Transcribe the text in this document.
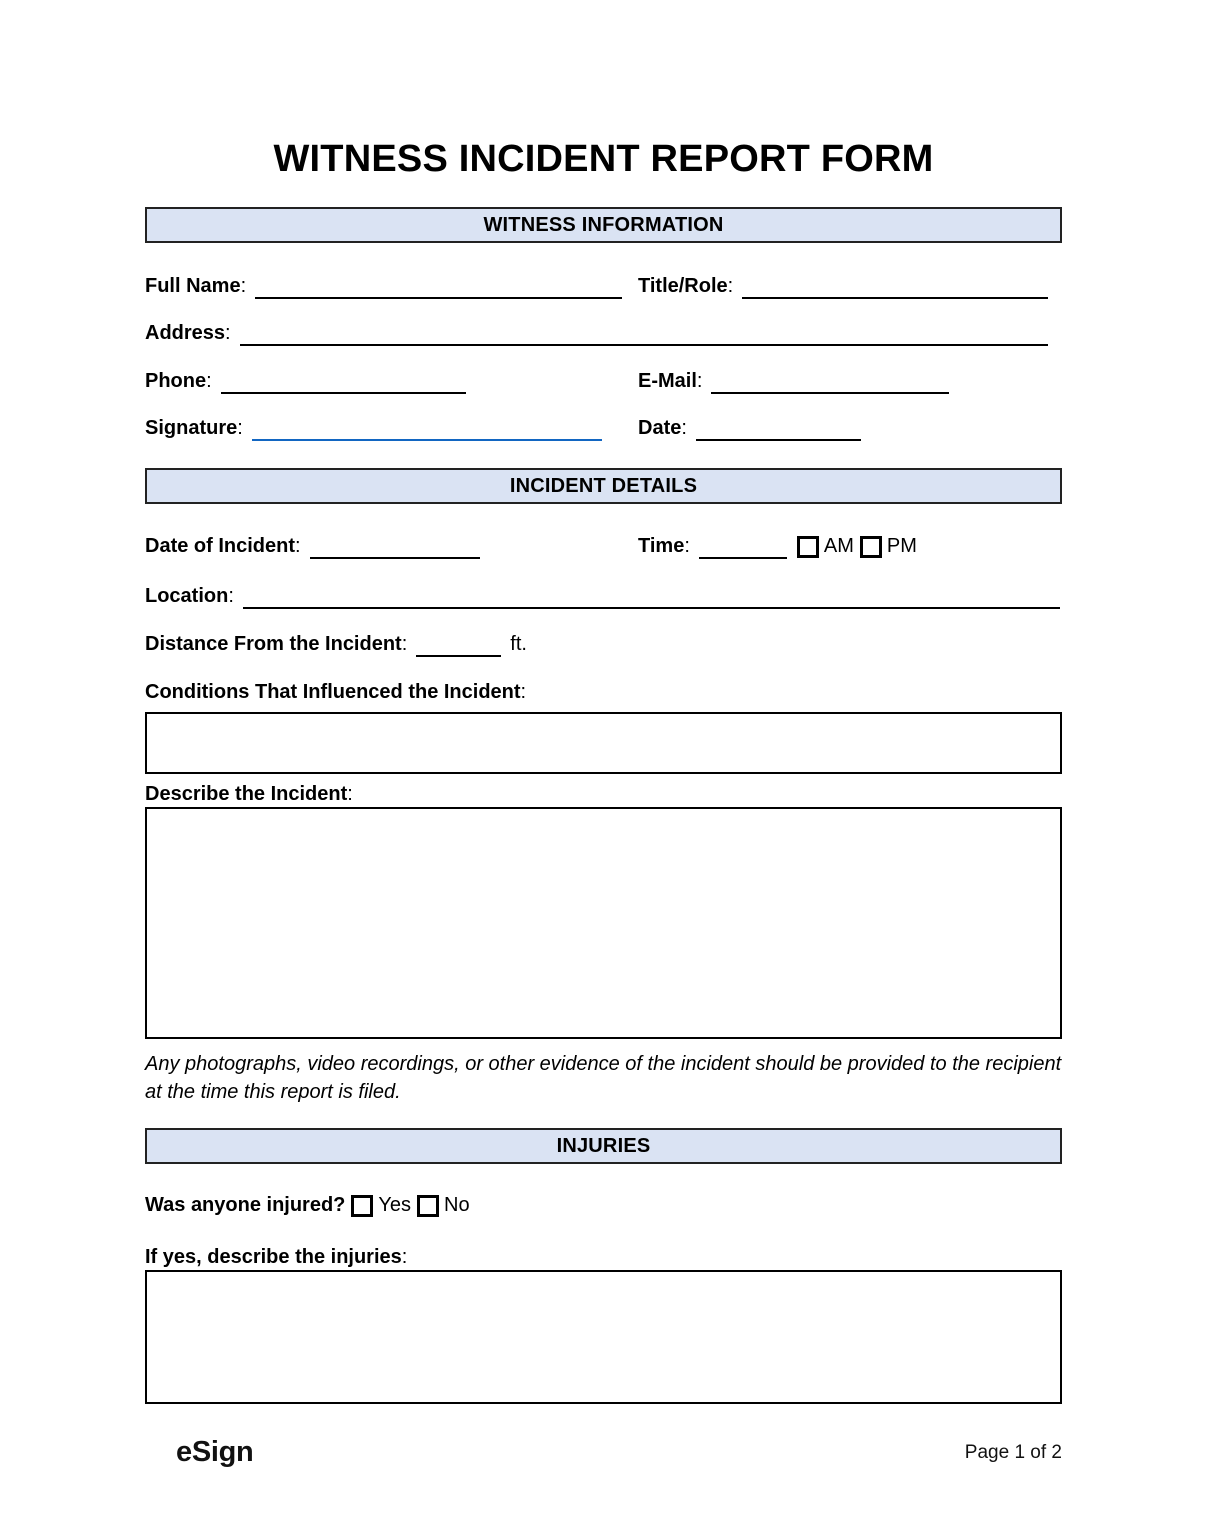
WITNESS INCIDENT REPORT FORM
WITNESS INFORMATION
Full Name:	Title/Role:
Address:
Phone:	E-Mail:
Signature:	Date:
INCIDENT DETAILS
Date of Incident:	Time:	AM PM
Location:
Distance From the Incident:	ft.
Conditions That Influenced the Incident:
Describe the Incident:
Any photographs, video recordings, or other evidence of the incident should be provided to the recipient at the time this report is filed.
INJURIES
Was anyone injured? Yes No
If yes, describe the injuries:
eSign	Page 1 of 2
